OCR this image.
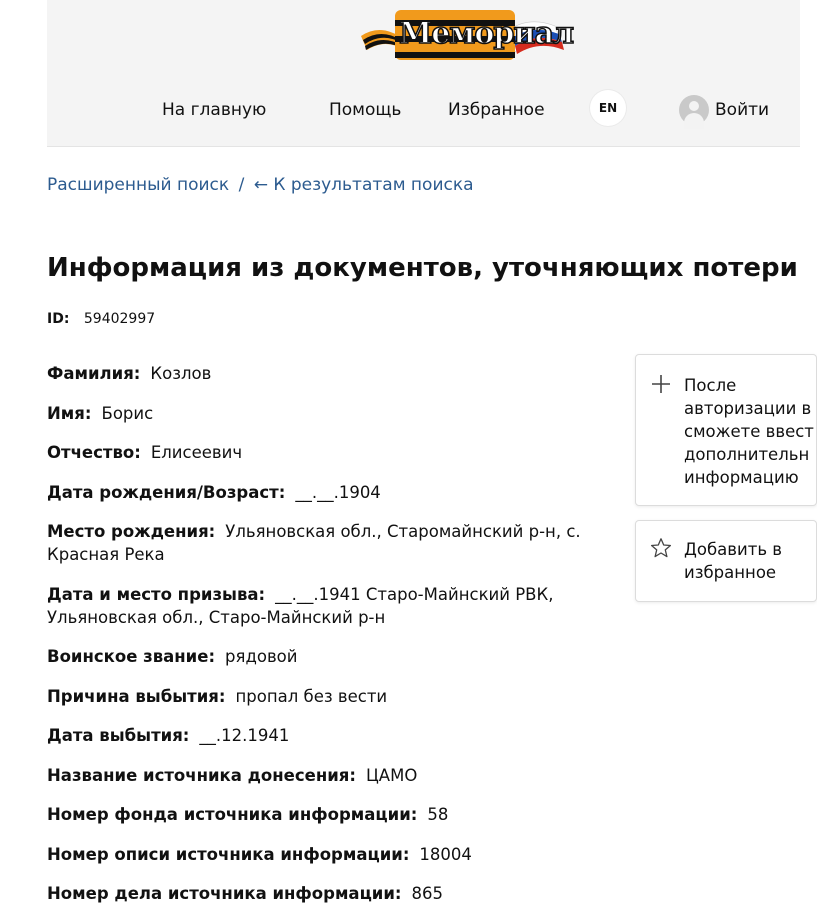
Мемориал
На главную	Помощь	Избранное	EN	Войти
Расширенный поиск / ← К результатам поиска
Информация из документов, уточняющих потери
ID: 59402997
Фамилия: Козлов
Имя: Борис
Отчество: Елисеевич
Дата рождения/Возраст: __.__.1904
Место рождения: Ульяновская обл., Старомайнский р-н, с. Красная Река
Дата и место призыва: __.__.1941 Старо-Майнский РВК, Ульяновская обл., Старо-Майнский р-н
Воинское звание: рядовой
Причина выбытия: пропал без вести
Дата выбытия: __.12.1941
Название источника донесения: ЦАМО
Номер фонда источника информации: 58
Номер описи источника информации: 18004
Номер дела источника информации: 865
После
авторизации в
сможете ввест
дополнительн
информацию
Добавить в
избранное
